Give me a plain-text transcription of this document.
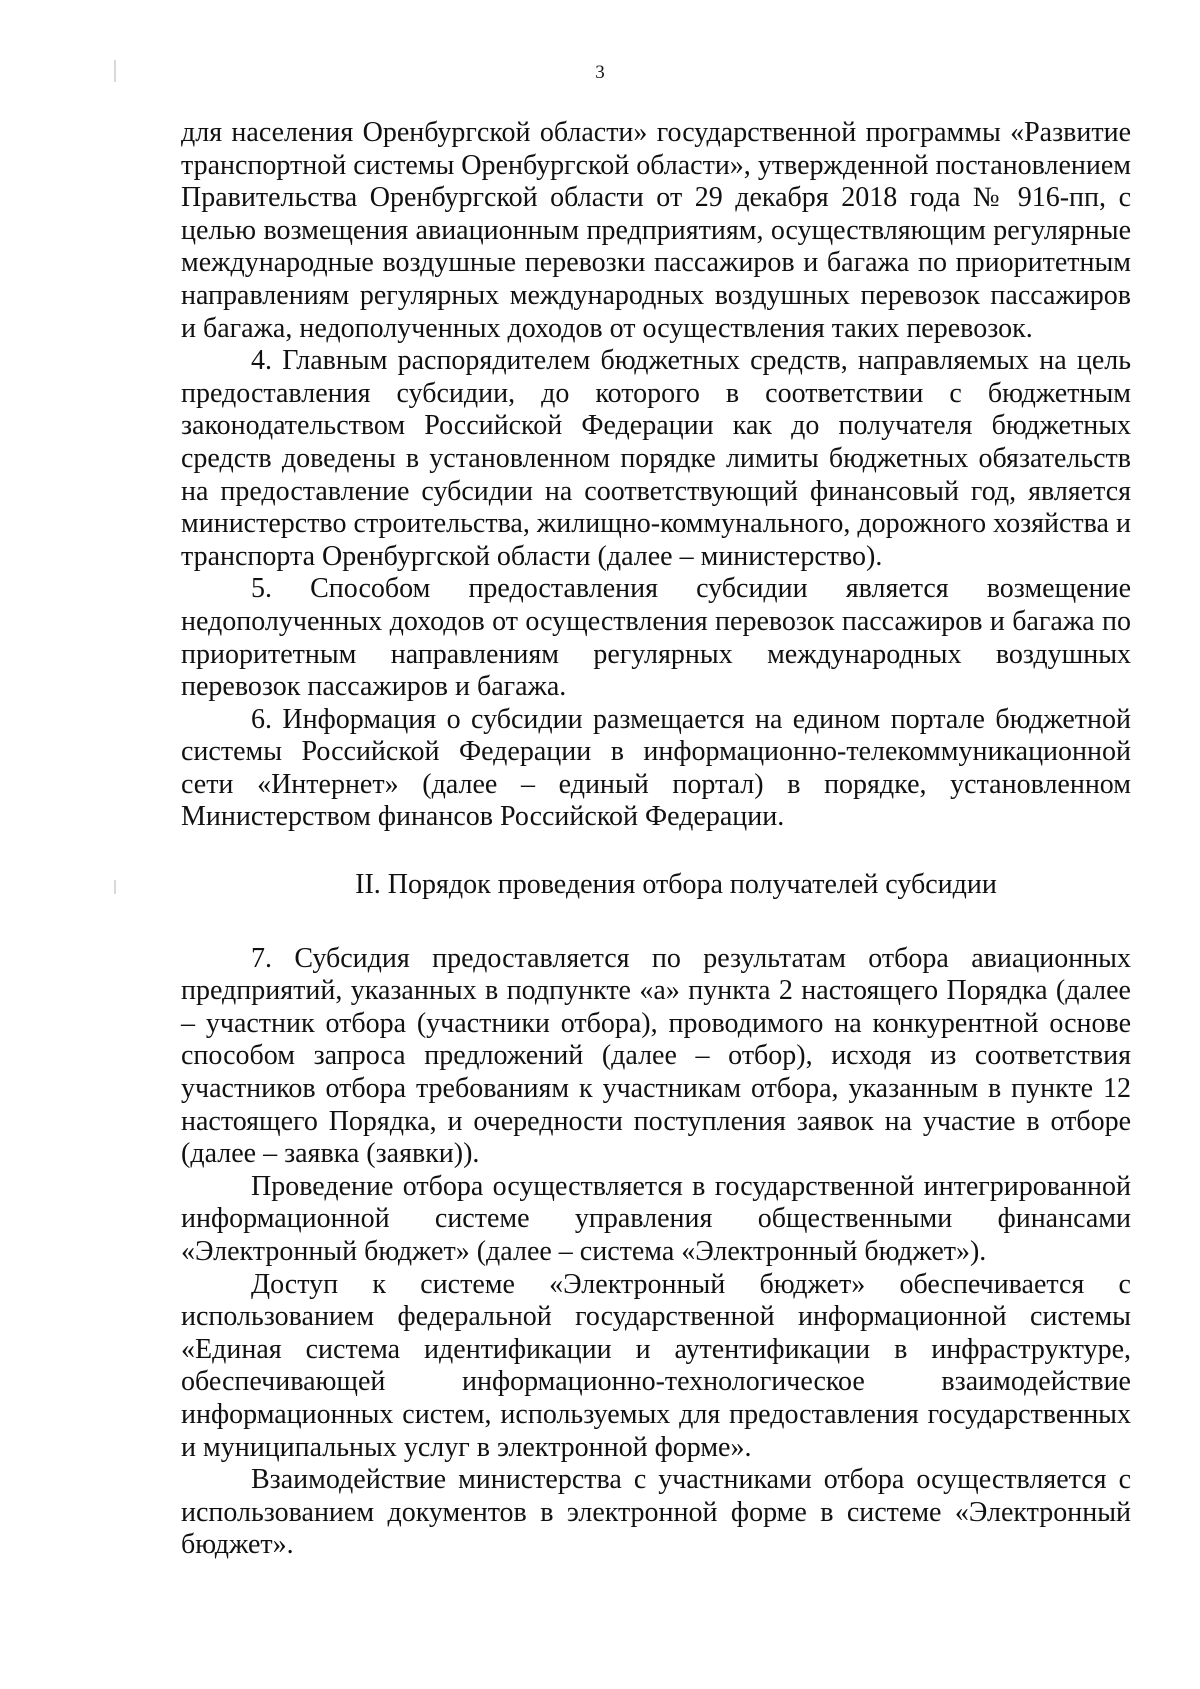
3

для населения Оренбургской области» государственной программы «Развитие транспортной системы Оренбургской области», утвержденной постановлением Правительства Оренбургской области от 29 декабря 2018 года № 916-пп, с целью возмещения авиационным предприятиям, осуществляющим регулярные международные воздушные перевозки пассажиров и багажа по приоритетным направлениям регулярных международных воздушных перевозок пассажиров и багажа, недополученных доходов от осуществления таких перевозок.

4. Главным распорядителем бюджетных средств, направляемых на цель предоставления субсидии, до которого в соответствии с бюджетным законодательством Российской Федерации как до получателя бюджетных средств доведены в установленном порядке лимиты бюджетных обязательств на предоставление субсидии на соответствующий финансовый год, является министерство строительства, жилищно-коммунального, дорожного хозяйства и транспорта Оренбургской области (далее – министерство).

5. Способом предоставления субсидии является возмещение недополученных доходов от осуществления перевозок пассажиров и багажа по приоритетным направлениям регулярных международных воздушных перевозок пассажиров и багажа.

6. Информация о субсидии размещается на едином портале бюджетной системы Российской Федерации в информационно-телекоммуникационной сети «Интернет» (далее – единый портал) в порядке, установленном Министерством финансов Российской Федерации.

II. Порядок проведения отбора получателей субсидии

7. Субсидия предоставляется по результатам отбора авиационных предприятий, указанных в подпункте «а» пункта 2 настоящего Порядка (далее – участник отбора (участники отбора), проводимого на конкурентной основе способом запроса предложений (далее – отбор), исходя из соответствия участников отбора требованиям к участникам отбора, указанным в пункте 12 настоящего Порядка, и очередности поступления заявок на участие в отборе (далее – заявка (заявки)).

Проведение отбора осуществляется в государственной интегрированной информационной системе управления общественными финансами «Электронный бюджет» (далее – система «Электронный бюджет»).

Доступ к системе «Электронный бюджет» обеспечивается с использованием федеральной государственной информационной системы «Единая система идентификации и аутентификации в инфраструктуре, обеспечивающей информационно-технологическое взаимодействие информационных систем, используемых для предоставления государственных и муниципальных услуг в электронной форме».

Взаимодействие министерства с участниками отбора осуществляется с использованием документов в электронной форме в системе «Электронный бюджет».
